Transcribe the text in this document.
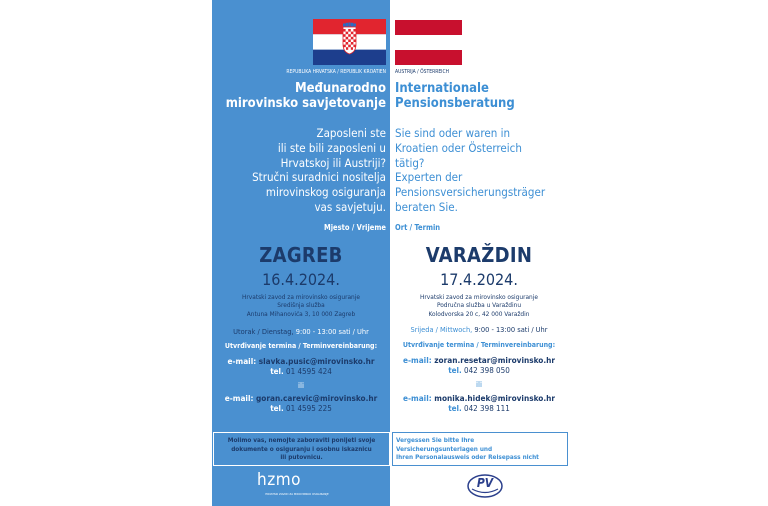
REPUBLIKA HRVATSKA / REPUBLIK KROATIEN AUSTRIJA / ÖSTERREICH
Međunarodno
mirovinsko savjetovanje
Internationale
Pensionsberatung
Zaposleni ste
ili ste bili zaposleni u
Hrvatskoj ili Austriji?
Stručni suradnici nositelja
mirovinskog osiguranja
vas savjetuju.
Sie sind oder waren in
Kroatien oder Österreich
tätig?
Experten der
Pensionsversicherungsträger
beraten Sie.
Mjesto / Vrijeme Ort / Termin
ZAGREB
16.4.2024.
Hrvatski zavod za mirovinsko osiguranje
Središnja služba
Antuna Mihanovića 3, 10 000 Zagreb
Utorak / Dienstag, 9:00 - 13:00 sati / Uhr
Utvrđivanje termina / Terminvereinbarung:
e-mail: slavka.pusic@mirovinsko.hr
tel. 01 4595 424
ili
e-mail: goran.carevic@mirovinsko.hr
tel. 01 4595 225
Molimo vas, nemojte zaboraviti ponijeti svoje
dokumente o osiguranju i osobnu iskaznicu
ili putovnicu.
hzmo
HRVATSKI ZAVOD ZA MIROVINSKO OSIGURANJE
VARAŽDIN
17.4.2024.
Hrvatski zavod za mirovinsko osiguranje
Područna služba u Varaždinu
Kolodvorska 20 c, 42 000 Varaždin
Srijeda / Mittwoch, 9:00 - 13:00 sati / Uhr
Utvrđivanje termina / Terminvereinbarung:
e-mail: zoran.resetar@mirovinsko.hr
tel. 042 398 050
ili
e-mail: monika.hidek@mirovinsko.hr
tel. 042 398 111
Vergessen Sie bitte Ihre
Versicherungsunterlagen und
Ihren Personalausweis oder Reisepass nicht
PV
